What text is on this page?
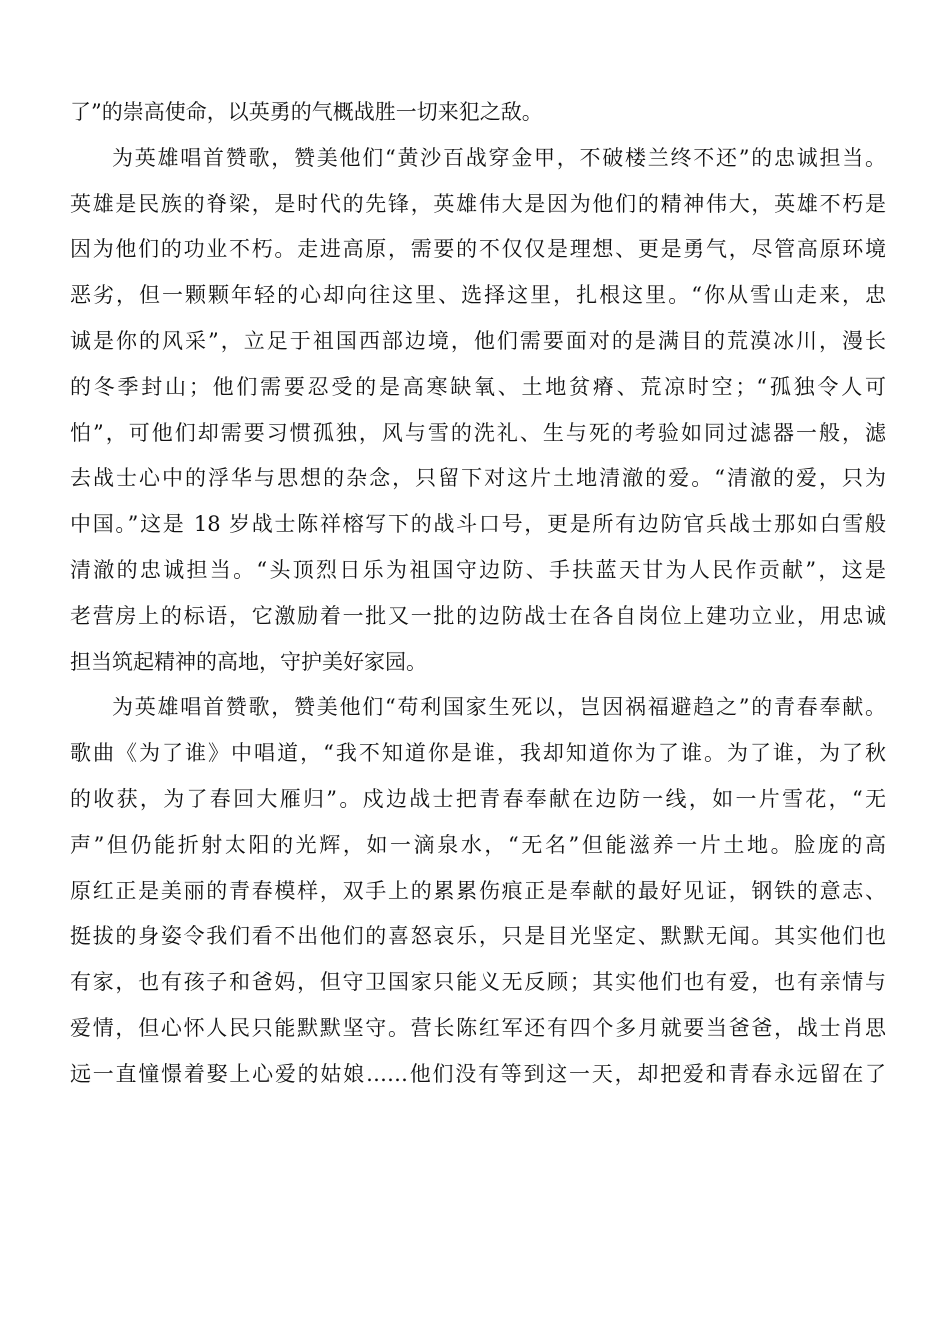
了”的崇高使命，以英勇的气概战胜一切来犯之敌。
为英雄唱首赞歌，赞美他们“黄沙百战穿金甲，不破楼兰终不还”的忠诚担当。
英雄是民族的脊梁，是时代的先锋，英雄伟大是因为他们的精神伟大，英雄不朽是
因为他们的功业不朽。走进高原，需要的不仅仅是理想、更是勇气，尽管高原环境
恶劣，但一颗颗年轻的心却向往这里、选择这里，扎根这里。“你从雪山走来，忠
诚是你的风采”，立足于祖国西部边境，他们需要面对的是满目的荒漠冰川，漫长
的冬季封山；他们需要忍受的是高寒缺氧、土地贫瘠、荒凉时空；“孤独令人可
怕”，可他们却需要习惯孤独，风与雪的洗礼、生与死的考验如同过滤器一般，滤
去战士心中的浮华与思想的杂念，只留下对这片土地清澈的爱。“清澈的爱，只为
中国。”这是 18 岁战士陈祥榕写下的战斗口号，更是所有边防官兵战士那如白雪般
清澈的忠诚担当。“头顶烈日乐为祖国守边防、手扶蓝天甘为人民作贡献”，这是
老营房上的标语，它激励着一批又一批的边防战士在各自岗位上建功立业，用忠诚
担当筑起精神的高地，守护美好家园。
为英雄唱首赞歌，赞美他们“苟利国家生死以，岂因祸福避趋之”的青春奉献。
歌曲《为了谁》中唱道，“我不知道你是谁，我却知道你为了谁。为了谁，为了秋
的收获，为了春回大雁归”。戍边战士把青春奉献在边防一线，如一片雪花，“无
声”但仍能折射太阳的光辉，如一滴泉水，“无名”但能滋养一片土地。脸庞的高
原红正是美丽的青春模样，双手上的累累伤痕正是奉献的最好见证，钢铁的意志、
挺拔的身姿令我们看不出他们的喜怒哀乐，只是目光坚定、默默无闻。其实他们也
有家，也有孩子和爸妈，但守卫国家只能义无反顾；其实他们也有爱，也有亲情与
爱情，但心怀人民只能默默坚守。营长陈红军还有四个多月就要当爸爸，战士肖思
远一直憧憬着娶上心爱的姑娘……他们没有等到这一天，却把爱和青春永远留在了
